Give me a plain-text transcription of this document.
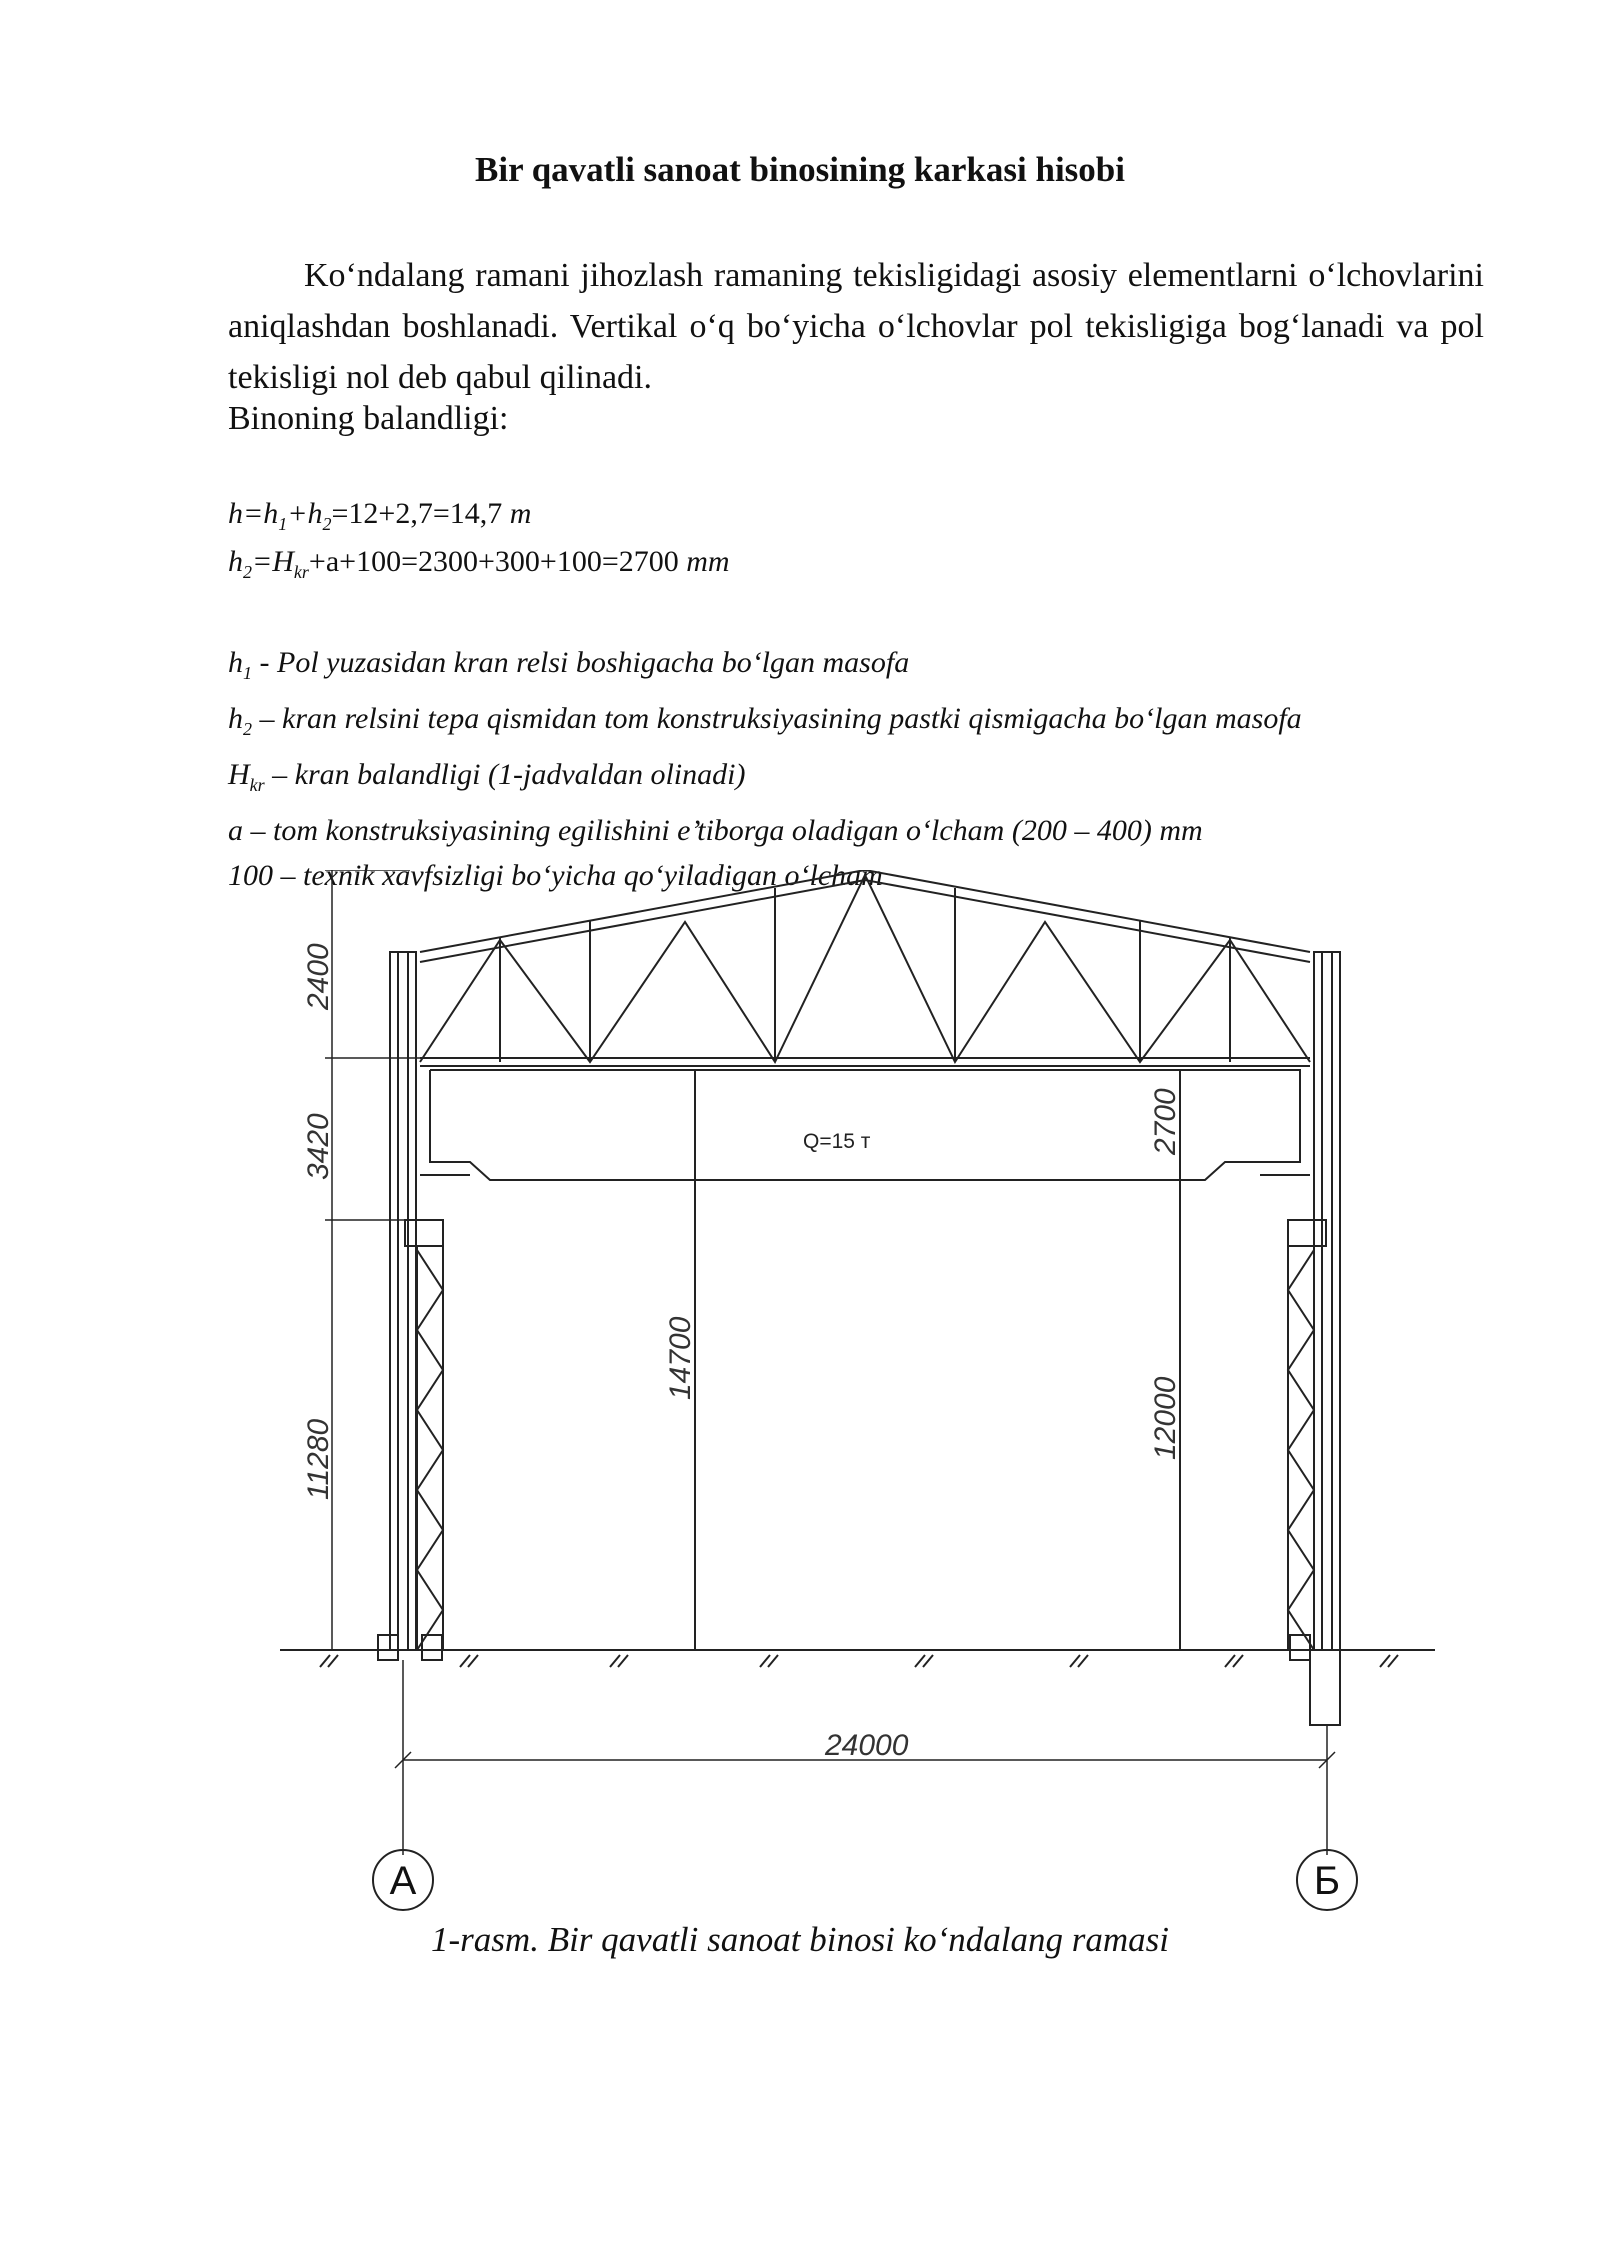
Bir qavatli sanoat binosining karkasi hisobi

Ko‘ndalang ramani jihozlash ramaning tekisligidagi asosiy elementlarni o‘lchovlarini aniqlashdan boshlanadi. Vertikal o‘q bo‘yicha o‘lchovlar pol tekisligiga bog‘lanadi va pol tekisligi nol deb qabul qilinadi.

Binoning balandligi:

$h=h_1+h_2=12+2,7=14,7$ m
$h_2=H_{kr}+a+100=2300+300+100=2700$ mm
$h_1$ - Pol yuzasidan kran relsi boshigacha bo‘lgan masofa
$h_2$ – kran relsini tepa qismidan tom konstruksiyasining pastki qismigacha bo‘lgan masofa
$H_{kr}$ – kran balandligi (1-jadvaldan olinadi)
a – tom konstruksiyasining egilishini e’tiborga oladigan o‘lcham (200 – 400) mm
100 – texnik xavfsizligi bo‘yicha qo‘yiladigan o‘lcham
2400
3420
11280
14700
2700
12000
24000
Q=15 т
А	Б
1-rasm. Bir qavatli sanoat binosi ko‘ndalang ramasi
